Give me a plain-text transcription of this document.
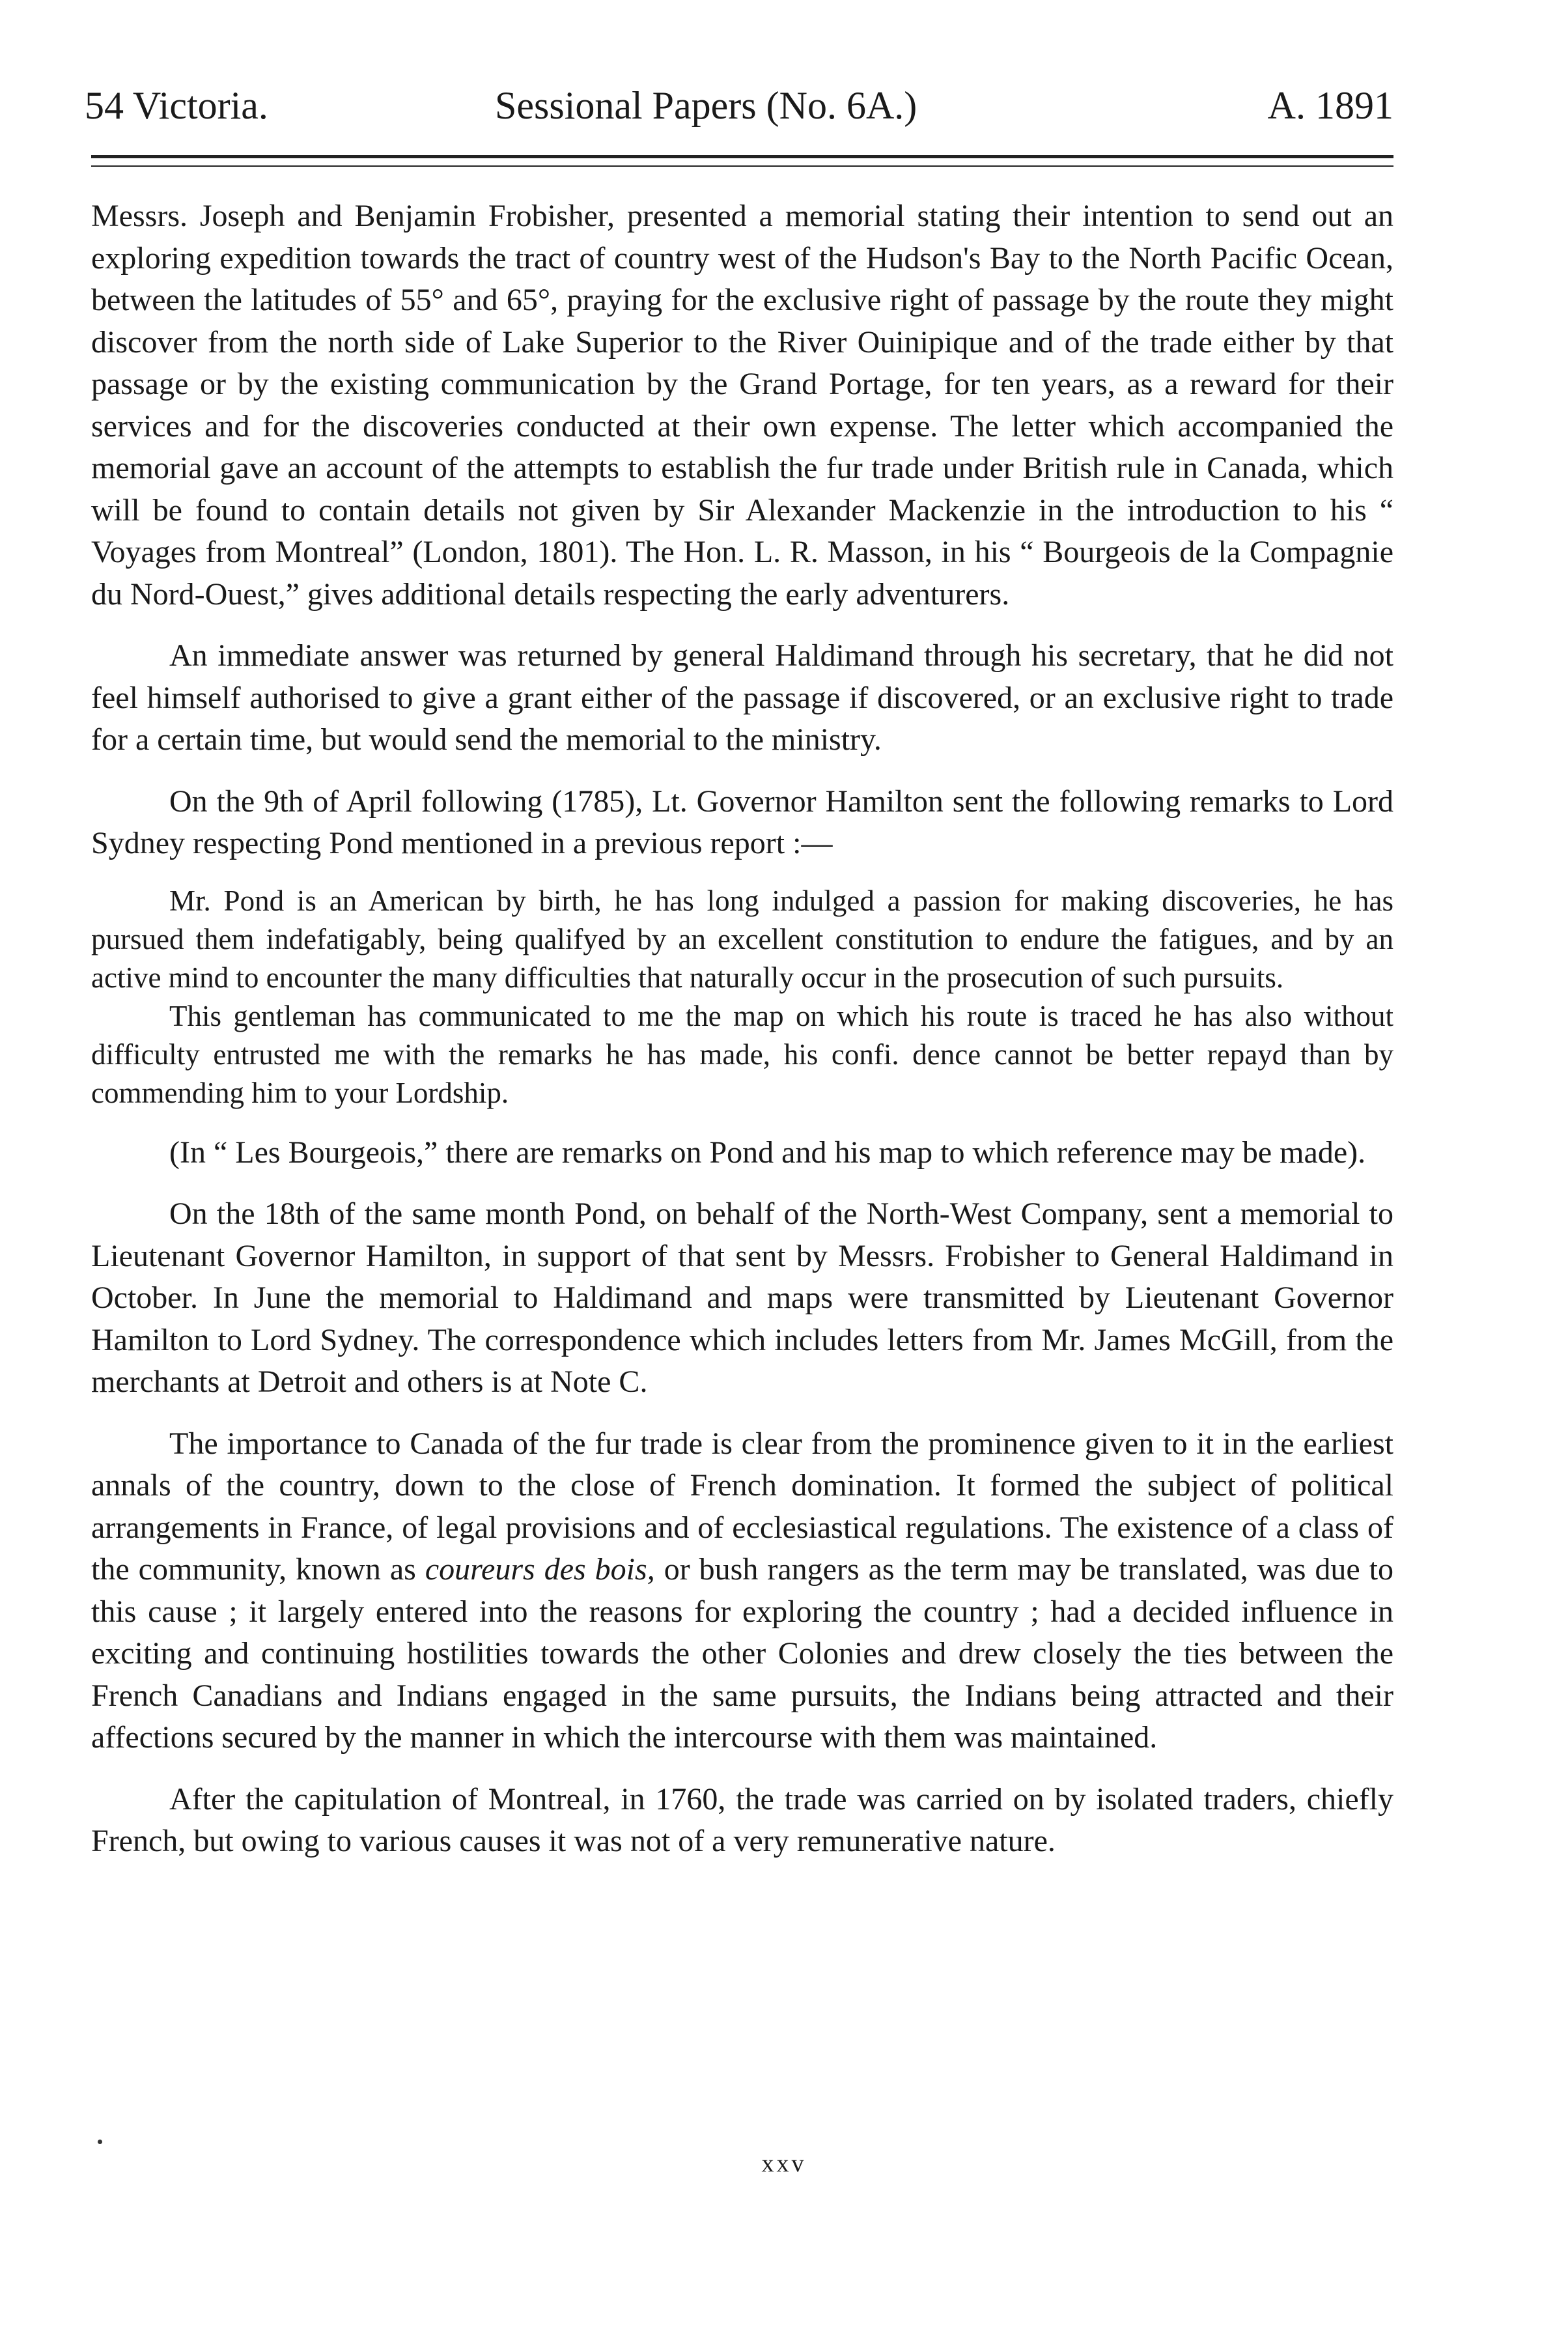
54 Victoria.	Sessional Papers (No. 6A.)	A. 1891

Messrs. Joseph and Benjamin Frobisher, presented a memorial stating their intention to send out an exploring expedition towards the tract of country west of the Hudson's Bay to the North Pacific Ocean, between the latitudes of 55° and 65°, praying for the exclusive right of passage by the route they might discover from the north side of Lake Superior to the River Ouinipique and of the trade either by that passage or by the existing communication by the Grand Portage, for ten years, as a reward for their services and for the discoveries conducted at their own expense. The letter which accompanied the memorial gave an account of the attempts to establish the fur trade under British rule in Canada, which will be found to contain details not given by Sir Alexander Mackenzie in the introduction to his “ Voyages from Montreal” (London, 1801). The Hon. L. R. Masson, in his “ Bourgeois de la Compagnie du Nord-Ouest,” gives additional details respecting the early adventurers.

An immediate answer was returned by general Haldimand through his secretary, that he did not feel himself authorised to give a grant either of the passage if discovered, or an exclusive right to trade for a certain time, but would send the memorial to the ministry.

On the 9th of April following (1785), Lt. Governor Hamilton sent the following remarks to Lord Sydney respecting Pond mentioned in a previous report :—

Mr. Pond is an American by birth, he has long indulged a passion for making discoveries, he has pursued them indefatigably, being qualifyed by an excellent constitution to endure the fatigues, and by an active mind to encounter the many difficulties that naturally occur in the prosecution of such pursuits.

This gentleman has communicated to me the map on which his route is traced he has also without difficulty entrusted me with the remarks he has made, his confi. dence cannot be better repayd than by commending him to your Lordship.

(In “ Les Bourgeois,” there are remarks on Pond and his map to which reference may be made).

On the 18th of the same month Pond, on behalf of the North-West Company, sent a memorial to Lieutenant Governor Hamilton, in support of that sent by Messrs. Frobisher to General Haldimand in October. In June the memorial to Haldimand and maps were transmitted by Lieutenant Governor Hamilton to Lord Sydney. The correspondence which includes letters from Mr. James McGill, from the merchants at Detroit and others is at Note C.

The importance to Canada of the fur trade is clear from the prominence given to it in the earliest annals of the country, down to the close of French domination. It formed the subject of political arrangements in France, of legal provisions and of ecclesiastical regulations. The existence of a class of the community, known as coureurs des bois, or bush rangers as the term may be translated, was due to this cause ; it largely entered into the reasons for exploring the country ; had a decided influence in exciting and continuing hostilities towards the other Colonies and drew closely the ties between the French Canadians and Indians engaged in the same pursuits, the Indians being attracted and their affections secured by the manner in which the intercourse with them was maintained.

After the capitulation of Montreal, in 1760, the trade was carried on by isolated traders, chiefly French, but owing to various causes it was not of a very remunerative nature.

xxv
